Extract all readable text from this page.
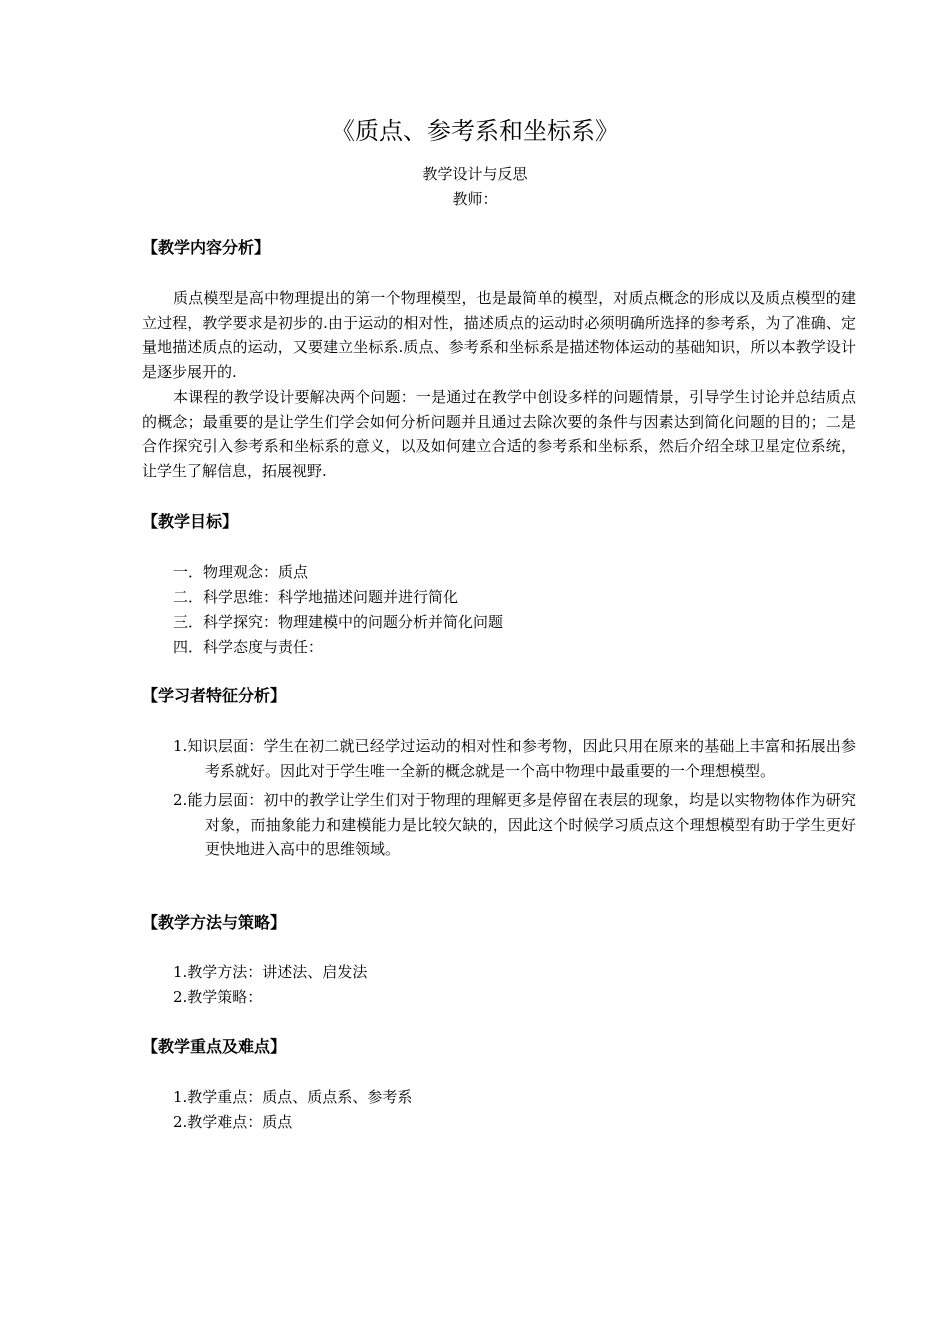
《质点、参考系和坐标系》
教学设计与反思
教师：
【教学内容分析】

质点模型是高中物理提出的第一个物理模型，也是最简单的模型，对质点概念的形成以及质点模型的建立过程，教学要求是初步的.由于运动的相对性，描述质点的运动时必须明确所选择的参考系，为了准确、定量地描述质点的运动，又要建立坐标系.质点、参考系和坐标系是描述物体运动的基础知识，所以本教学设计是逐步展开的.

本课程的教学设计要解决两个问题：一是通过在教学中创设多样的问题情景，引导学生讨论并总结质点的概念；最重要的是让学生们学会如何分析问题并且通过去除次要的条件与因素达到简化问题的目的；二是合作探究引入参考系和坐标系的意义，以及如何建立合适的参考系和坐标系，然后介绍全球卫星定位系统，让学生了解信息，拓展视野.

【教学目标】
一．物理观念：质点
二．科学思维：科学地描述问题并进行简化
三．科学探究：物理建模中的问题分析并简化问题
四．科学态度与责任：
【学习者特征分析】
1.知识层面：学生在初二就已经学过运动的相对性和参考物，因此只用在原来的基础上丰富和拓展出参考系就好。因此对于学生唯一全新的概念就是一个高中物理中最重要的一个理想模型。
2.能力层面：初中的教学让学生们对于物理的理解更多是停留在表层的现象，均是以实物物体作为研究对象，而抽象能力和建模能力是比较欠缺的，因此这个时候学习质点这个理想模型有助于学生更好更快地进入高中的思维领域。
【教学方法与策略】
1.教学方法：讲述法、启发法
2.教学策略：
【教学重点及难点】
1.教学重点：质点、质点系、参考系
2.教学难点：质点
